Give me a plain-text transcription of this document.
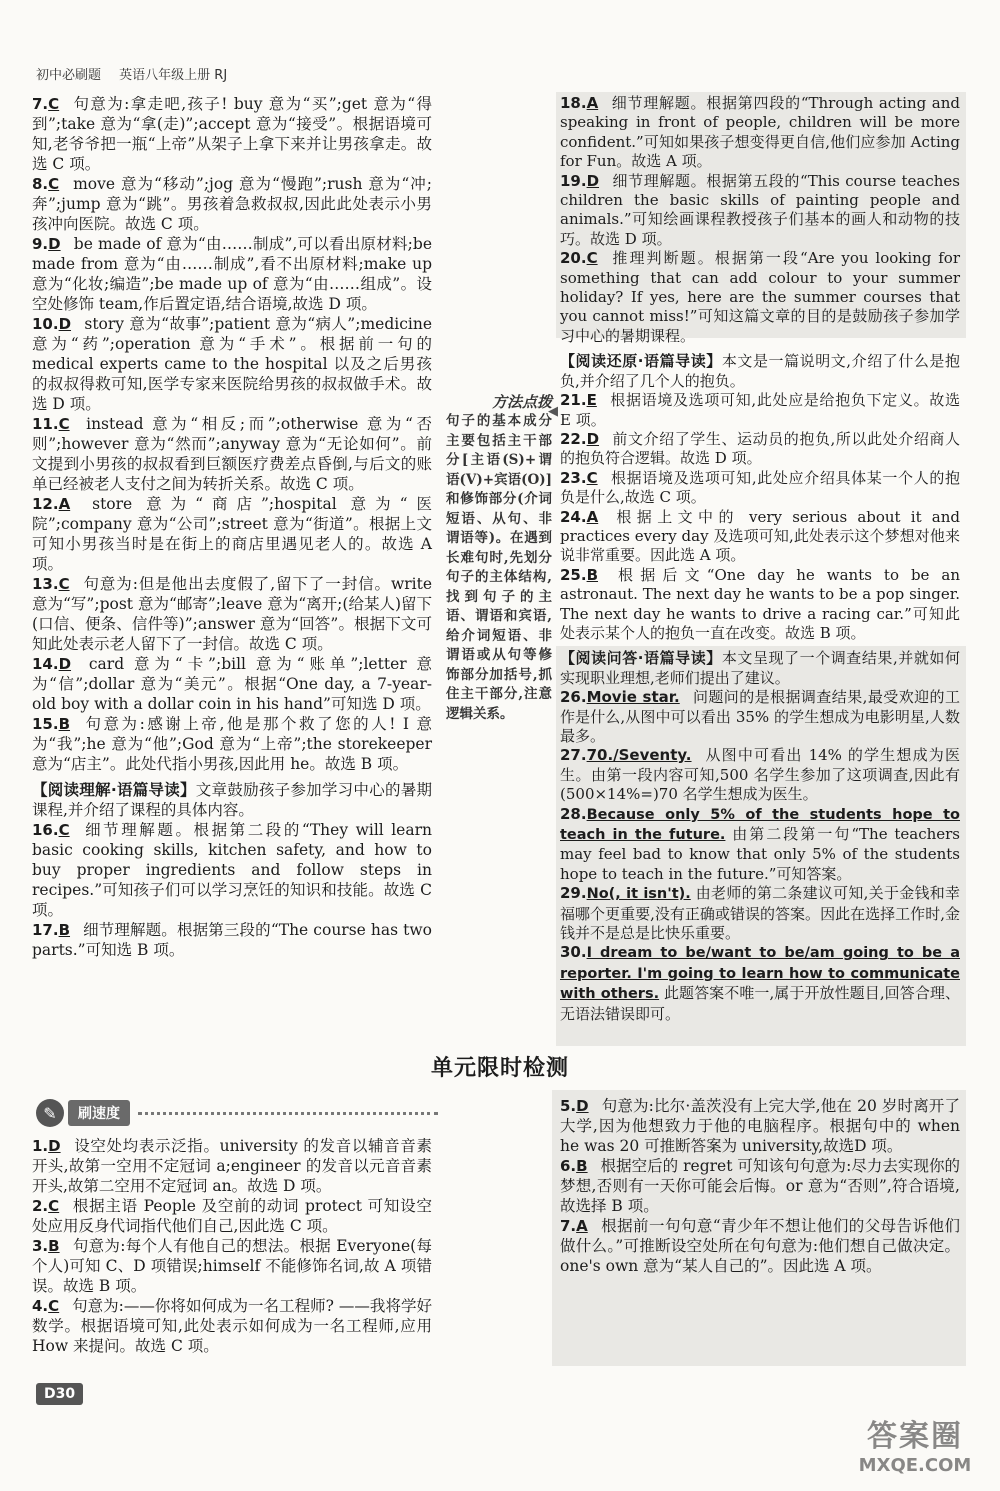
初中必刷题 英语八年级上册 RJ
7.C 句意为:拿走吧,孩子! buy 意为“买”;get 意为“得到”;take 意为“拿(走)”;accept 意为“接受”。根据语境可知,老爷爷把一瓶“上帝”从架子上拿下来并让男孩拿走。故选 C 项。
8.C move 意为“移动”;jog 意为“慢跑”;rush 意为“冲;奔”;jump 意为“跳”。男孩着急救叔叔,因此此处表示小男孩冲向医院。故选 C 项。
9.D be made of 意为“由……制成”,可以看出原材料;be made from 意为“由……制成”,看不出原材料;make up 意为“化妆;编造”;be made up of 意为“由……组成”。设空处修饰 team,作后置定语,结合语境,故选 D 项。
10.D story 意为“故事”;patient 意为“病人”;medicine 意为“药”;operation 意为“手术”。根据前一句的 medical experts came to the hospital 以及之后男孩的叔叔得救可知,医学专家来医院给男孩的叔叔做手术。故选 D 项。
11.C instead 意为“相反;而”;otherwise 意为“否则”;however 意为“然而”;anyway 意为“无论如何”。前文提到小男孩的叔叔看到巨额医疗费差点昏倒,与后文的账单已经被老人支付之间为转折关系。故选 C 项。
12.A store 意为“商店”;hospital 意为“医院”;company 意为“公司”;street 意为“街道”。根据上文可知小男孩当时是在街上的商店里遇见老人的。故选 A 项。
13.C 句意为:但是他出去度假了,留下了一封信。write 意为“写”;post 意为“邮寄”;leave 意为“离开;(给某人)留下(口信、便条、信件等)”;answer 意为“回答”。根据下文可知此处表示老人留下了一封信。故选 C 项。
14.D card 意为“卡”;bill 意为“账单”;letter 意为“信”;dollar 意为“美元”。根据“One day, a 7-year-old boy with a dollar coin in his hand”可知选 D 项。
15.B 句意为:感谢上帝,他是那个救了您的人! I 意为“我”;he 意为“他”;God 意为“上帝”;the storekeeper 意为“店主”。此处代指小男孩,因此用 he。故选 B 项。
【阅读理解·语篇导读】文章鼓励孩子参加学习中心的暑期课程,并介绍了课程的具体内容。
16.C 细节理解题。根据第二段的“They will learn basic cooking skills, kitchen safety, and how to buy proper ingredients and follow steps in recipes.”可知孩子们可以学习烹饪的知识和技能。故选 C 项。
17.B 细节理解题。根据第三段的“The course has two parts.”可知选 B 项。
方法点拨
句子的基本成分主要包括主干部分[主语(S)+谓语(V)+宾语(O)]和修饰部分(介词短语、从句、非谓语等)。在遇到长难句时,先划分句子的主体结构,找到句子的主语、谓语和宾语,给介词短语、非谓语或从句等修饰部分加括号,抓住主干部分,注意逻辑关系。
◀
18.A 细节理解题。根据第四段的“Through acting and speaking in front of people, children will be more confident.”可知如果孩子想变得更自信,他们应参加 Acting for Fun。故选 A 项。
19.D 细节理解题。根据第五段的“This course teaches children the basic skills of painting people and animals.”可知绘画课程教授孩子们基本的画人和动物的技巧。故选 D 项。
20.C 推理判断题。根据第一段“Are you looking for something that can add colour to your summer holiday? If yes, here are the summer courses that you cannot miss!”可知这篇文章的目的是鼓励孩子参加学习中心的暑期课程。
【阅读还原·语篇导读】本文是一篇说明文,介绍了什么是抱负,并介绍了几个人的抱负。
21.E 根据语境及选项可知,此处应是给抱负下定义。故选 E 项。
22.D 前文介绍了学生、运动员的抱负,所以此处介绍商人的抱负符合逻辑。故选 D 项。
23.C 根据语境及选项可知,此处应介绍具体某一个人的抱负是什么,故选 C 项。
24.A 根据上文中的 very serious about it and practices every day 及选项可知,此处表示这个梦想对他来说非常重要。因此选 A 项。
25.B 根据后文“One day he wants to be an astronaut. The next day he wants to be a pop singer. The next day he wants to drive a racing car.”可知此处表示某个人的抱负一直在改变。故选 B 项。
【阅读问答·语篇导读】本文呈现了一个调查结果,并就如何实现职业理想,老师们提出了建议。
26.Movie star. 问题问的是根据调查结果,最受欢迎的工作是什么,从图中可以看出 35% 的学生想成为电影明星,人数最多。
27.70./Seventy. 从图中可看出 14% 的学生想成为医生。由第一段内容可知,500 名学生参加了这项调查,因此有(500×14%=)70 名学生想成为医生。
28.Because only 5% of the students hope to teach in the future. 由第二段第一句“The teachers may feel bad to know that only 5% of the students hope to teach in the future.”可知答案。
29.No(, it isn't). 由老师的第二条建议可知,关于金钱和幸福哪个更重要,没有正确或错误的答案。因此在选择工作时,金钱并不是总是比快乐重要。
30.I dream to be/want to be/am going to be a reporter. I'm going to learn how to communicate with others. 此题答案不唯一,属于开放性题目,回答合理、无语法错误即可。
单元限时检测
✎	刷速度
1.D 设空处均表示泛指。university 的发音以辅音音素开头,故第一空用不定冠词 a;engineer 的发音以元音音素开头,故第二空用不定冠词 an。故选 D 项。
2.C 根据主语 People 及空前的动词 protect 可知设空处应用反身代词指代他们自己,因此选 C 项。
3.B 句意为:每个人有他自己的想法。根据 Everyone(每个人)可知 C、D 项错误;himself 不能修饰名词,故 A 项错误。故选 B 项。
4.C 句意为:——你将如何成为一名工程师? ——我将学好数学。根据语境可知,此处表示如何成为一名工程师,应用 How 来提问。故选 C 项。
5.D 句意为:比尔·盖茨没有上完大学,他在 20 岁时离开了大学,因为他想致力于他的电脑程序。根据句中的 when he was 20 可推断答案为 university,故选D 项。
6.B 根据空后的 regret 可知该句句意为:尽力去实现你的梦想,否则有一天你可能会后悔。or 意为“否则”,符合语境,故选择 B 项。
7.A 根据前一句句意“青少年不想让他们的父母告诉他们做什么。”可推断设空处所在句句意为:他们想自己做决定。one's own 意为“某人自己的”。因此选 A 项。
D30
答案圈
MXQE.COM
